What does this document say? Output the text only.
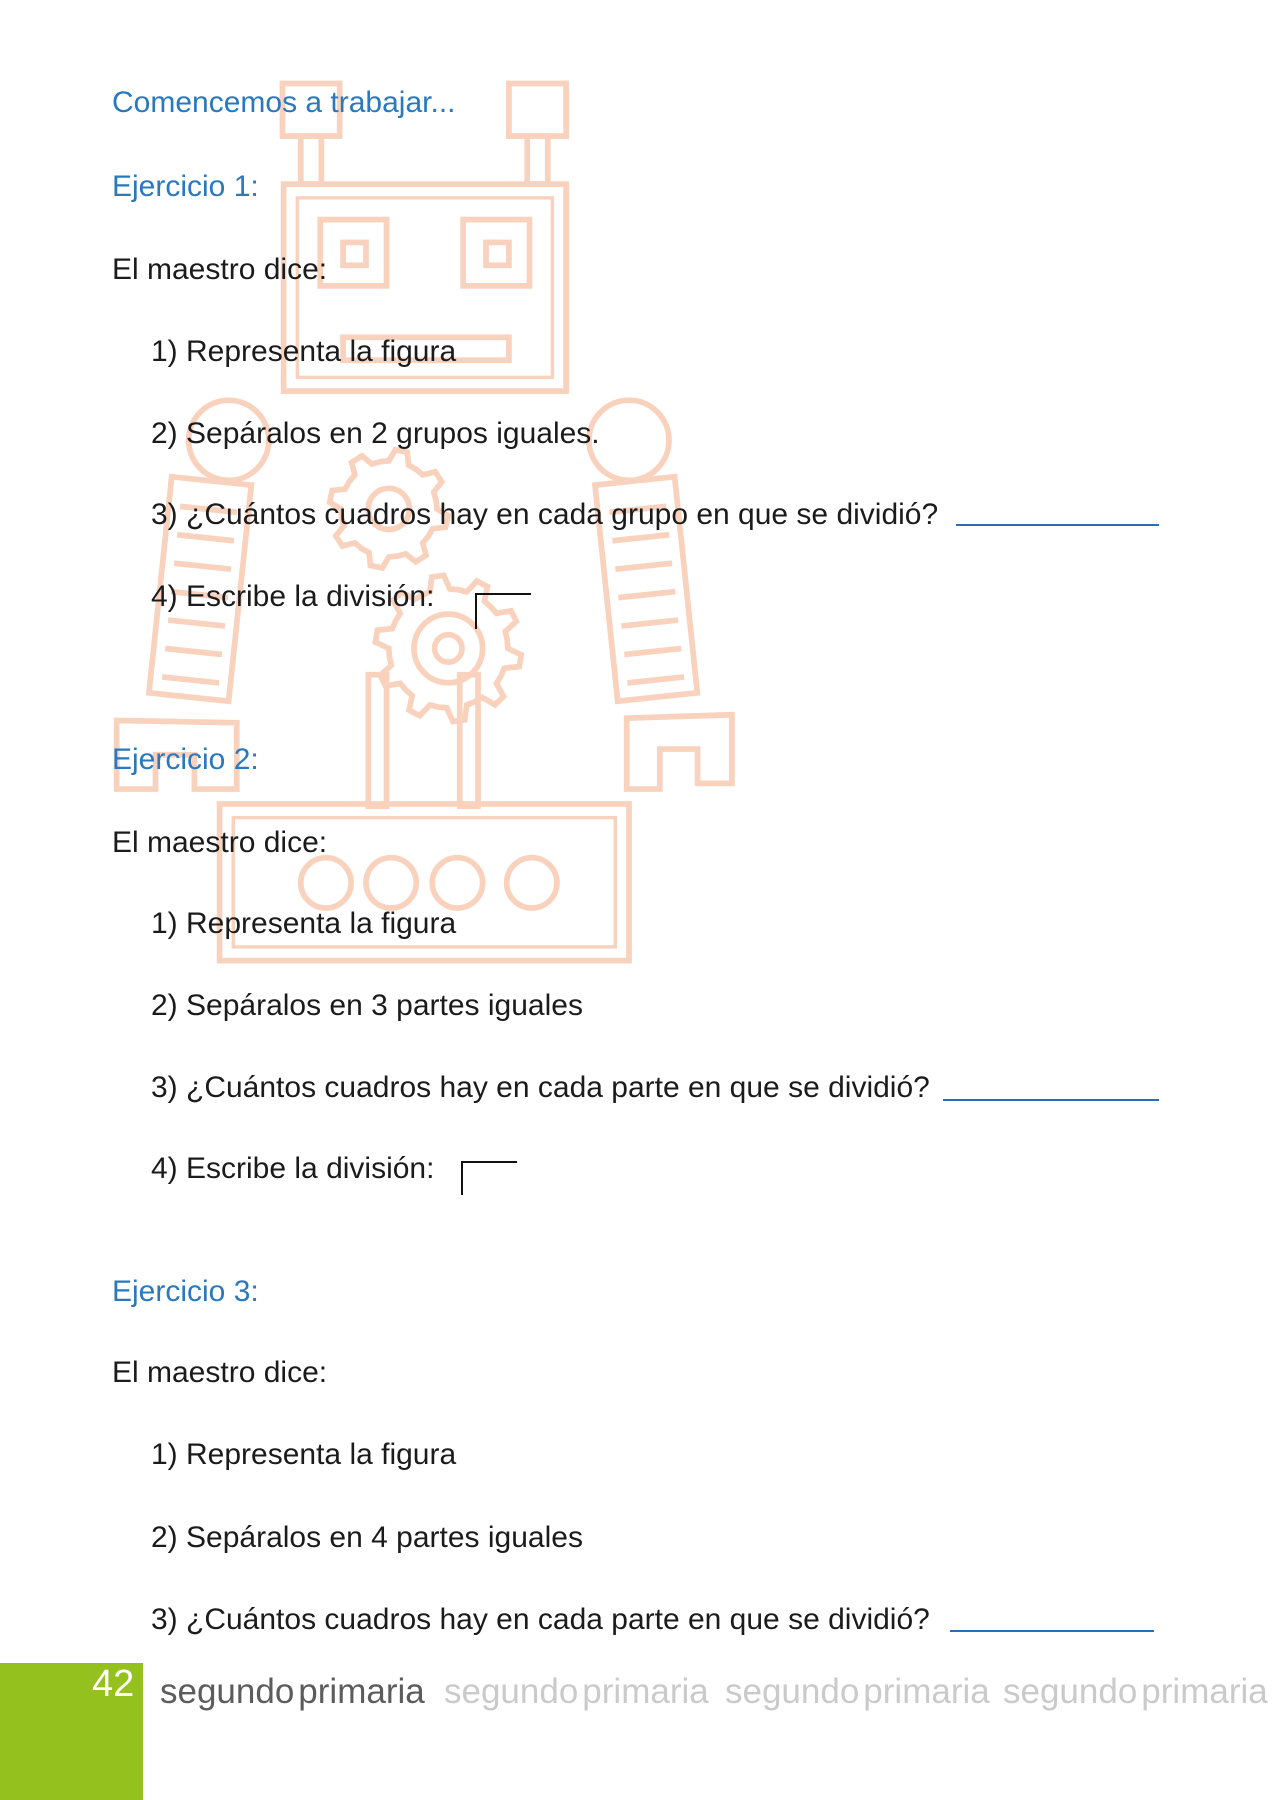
Comencemos a trabajar...
Ejercicio 1:
El maestro dice:
1) Representa la figura
2) Sepáralos en 2 grupos iguales.
3) ¿Cuántos cuadros hay en cada grupo en que se dividió?
4) Escribe la división:
Ejercicio 2:
El maestro dice:
1) Representa la figura
2) Sepáralos en 3 partes iguales
3) ¿Cuántos cuadros hay en cada parte en que se dividió?
4) Escribe la división:
Ejercicio 3:
El maestro dice:
1) Representa la figura
2) Sepáralos en 4 partes iguales
3) ¿Cuántos cuadros hay en cada parte en que se dividió?
42 segundo primaria segundo primaria segundo primaria segundo primaria
